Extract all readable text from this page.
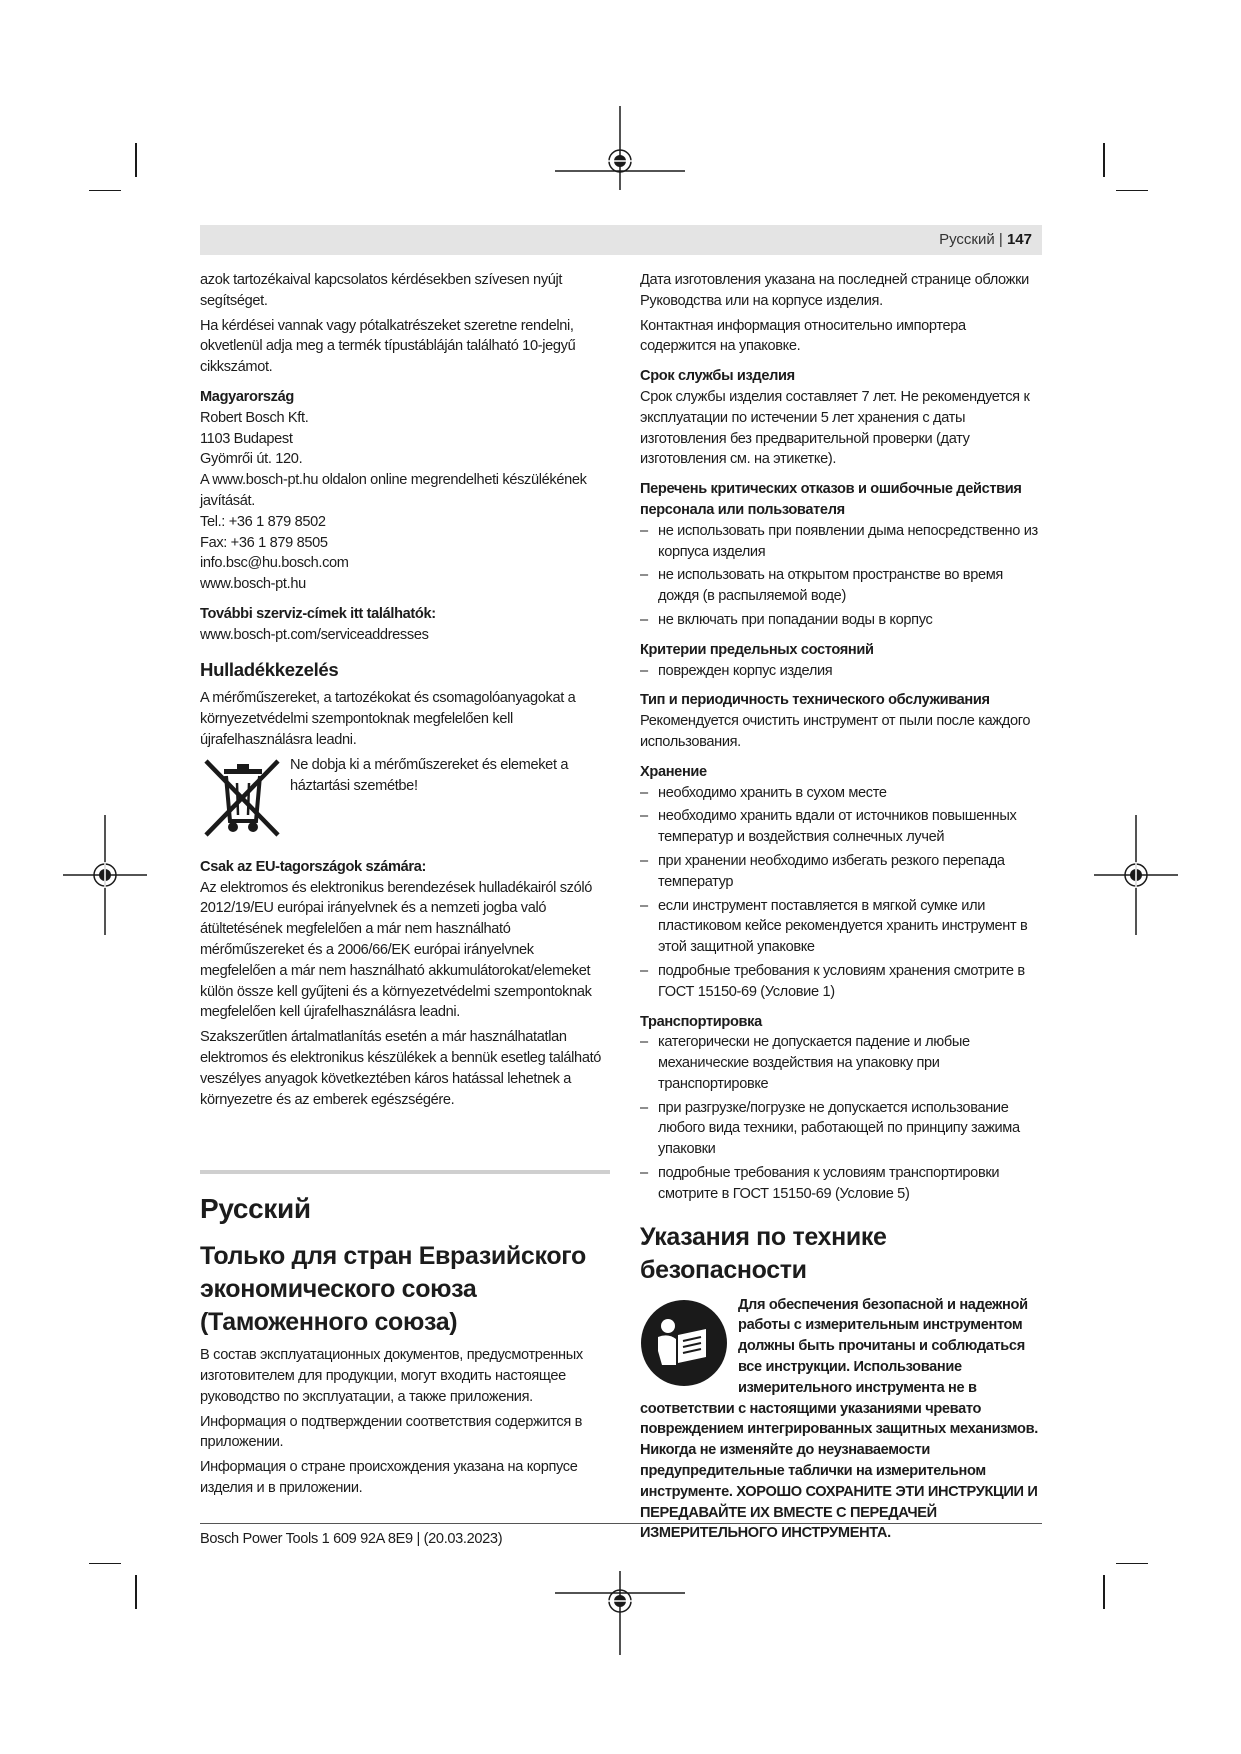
Русский | 147

azok tartozékaival kapcsolatos kérdésekben szívesen nyújt segítséget.

Ha kérdései vannak vagy pótalkatrészeket szeretne rendelni, okvetlenül adja meg a termék típustábláján található 10-jegyű cikkszámot.

Magyarország
Robert Bosch Kft.
1103 Budapest
Gyömrői út. 120.
A www.bosch-pt.hu oldalon online megrendelheti készülékének javítását.
Tel.: +36 1 879 8502
Fax: +36 1 879 8505
info.bsc@hu.bosch.com
www.bosch-pt.hu
További szerviz-címek itt találhatók:
www.bosch-pt.com/serviceaddresses
Hulladékkezelés

A mérőműszereket, a tartozékokat és csomagolóanyagokat a környezetvédelmi szempontoknak megfelelően kell újrafelhasználásra leadni.

Ne dobja ki a mérőműszereket és elemeket a háztartási szemétbe!
Csak az EU-tagországok számára:

Az elektromos és elektronikus berendezések hulladékairól szóló 2012/19/EU európai irányelvnek és a nemzeti jogba való átültetésének megfelelően a már nem használható mérőműszereket és a 2006/66/EK európai irányelvnek megfelelően a már nem használható akkumulátorokat/elemeket külön össze kell gyűjteni és a környezetvédelmi szempontoknak megfelelően kell újrafelhasználásra leadni.

Szakszerűtlen ártalmatlanítás esetén a már használhatatlan elektromos és elektronikus készülékek a bennük esetleg található veszélyes anyagok következtében káros hatással lehetnek a környezetre és az emberek egészségére.

Русский
Только для стран Евразийского экономического союза (Таможенного союза)

В состав эксплуатационных документов, предусмотренных изготовителем для продукции, могут входить настоящее руководство по эксплуатации, а также приложения.

Информация о подтверждении соответствия содержится в приложении.

Информация о стране происхождения указана на корпусе изделия и в приложении.

Дата изготовления указана на последней странице обложки Руководства или на корпусе изделия.

Контактная информация относительно импортера содержится на упаковке.

Срок службы изделия

Срок службы изделия составляет 7 лет. Не рекомендуется к эксплуатации по истечении 5 лет хранения с даты изготовления без предварительной проверки (дату изготовления см. на этикетке).

Перечень критических отказов и ошибочные действия персонала или пользователя
– не использовать при появлении дыма непосредственно из корпуса изделия
– не использовать на открытом пространстве во время дождя (в распыляемой воде)
– не включать при попадании воды в корпус
Критерии предельных состояний
– поврежден корпус изделия
Тип и периодичность технического обслуживания

Рекомендуется очистить инструмент от пыли после каждого использования.

Хранение
– необходимо хранить в сухом месте
– необходимо хранить вдали от источников повышенных температур и воздействия солнечных лучей
– при хранении необходимо избегать резкого перепада температур
– если инструмент поставляется в мягкой сумке или пластиковом кейсе рекомендуется хранить инструмент в этой защитной упаковке
– подробные требования к условиям хранения смотрите в ГОСТ 15150-69 (Условие 1)
Транспортировка
– категорически не допускается падение и любые механические воздействия на упаковку при транспортировке
– при разгрузке/погрузке не допускается использование любого вида техники, работающей по принципу зажима упаковки
– подробные требования к условиям транспортировки смотрите в ГОСТ 15150-69 (Условие 5)
Указания по технике безопасности
Для обеспечения безопасной и надежной работы с измерительным инструментом должны быть прочитаны и соблюдаться все инструкции. Использование измерительного инструмента не в соответствии с настоящими указаниями чревато повреждением интегрированных защитных механизмов. Никогда не изменяйте до неузнаваемости предупредительные таблички на измерительном инструменте. ХОРОШО СОХРАНИТЕ ЭТИ ИНСТРУКЦИИ И ПЕРЕДАВАЙТЕ ИХ ВМЕСТЕ С ПЕРЕДАЧЕЙ ИЗМЕРИТЕЛЬНОГО ИНСТРУМЕНТА.
Bosch Power Tools 1 609 92A 8E9 | (20.03.2023)
